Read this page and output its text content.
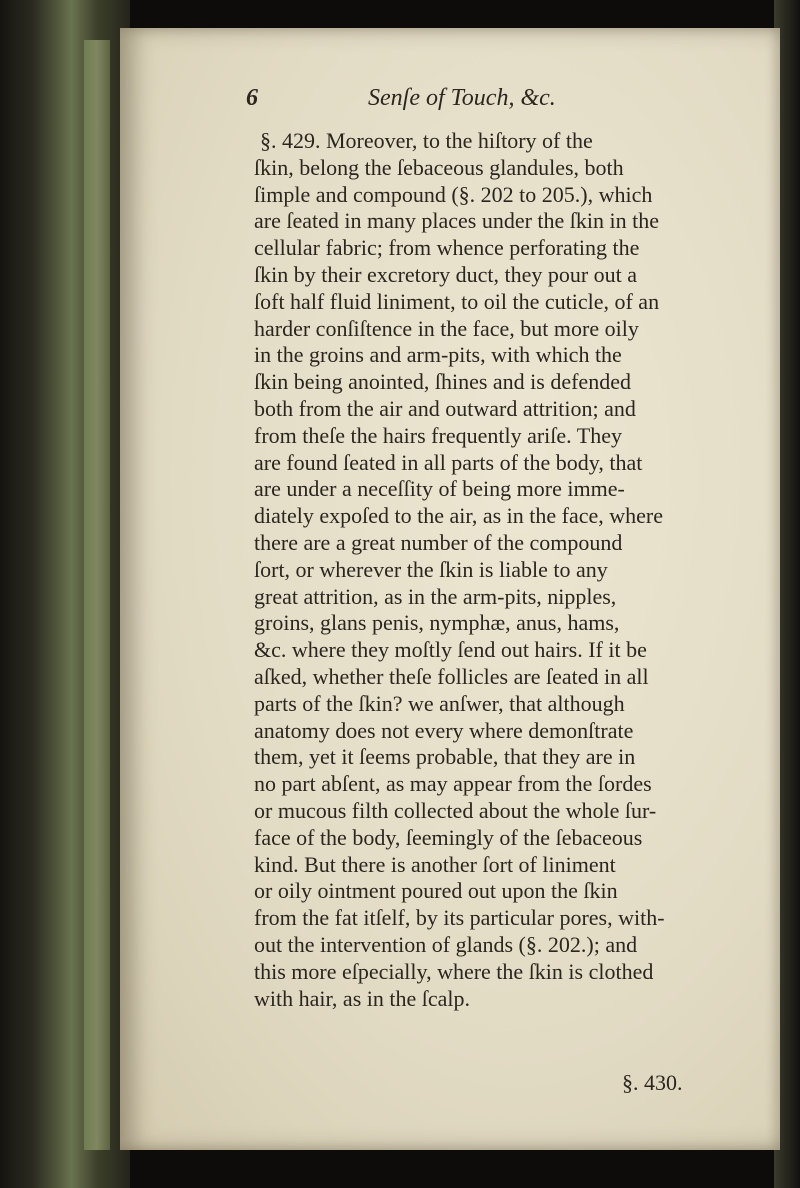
6	Senſe of Touch, &c.
§. 429. Moreover, to the hiſtory of the
ſkin, belong the ſebaceous glandules, both
ſimple and compound (§. 202 to 205.), which
are ſeated in many places under the ſkin in the
cellular fabric; from whence perforating the
ſkin by their excretory duct, they pour out a
ſoft half fluid liniment, to oil the cuticle, of an
harder conſiſtence in the face, but more oily
in the groins and arm-pits, with which the
ſkin being anointed, ſhines and is defended
both from the air and outward attrition; and
from theſe the hairs frequently ariſe. They
are found ſeated in all parts of the body, that
are under a neceſſity of being more imme-
diately expoſed to the air, as in the face, where
there are a great number of the compound
ſort, or wherever the ſkin is liable to any
great attrition, as in the arm-pits, nipples,
groins, glans penis, nymphæ, anus, hams,
&c. where they moſtly ſend out hairs. If it be
aſked, whether theſe follicles are ſeated in all
parts of the ſkin? we anſwer, that although
anatomy does not every where demonſtrate
them, yet it ſeems probable, that they are in
no part abſent, as may appear from the ſordes
or mucous filth collected about the whole ſur-
face of the body, ſeemingly of the ſebaceous
kind. But there is another ſort of liniment
or oily ointment poured out upon the ſkin
from the fat itſelf, by its particular pores, with-
out the intervention of glands (§. 202.); and
this more eſpecially, where the ſkin is clothed
with hair, as in the ſcalp.
§. 430.
